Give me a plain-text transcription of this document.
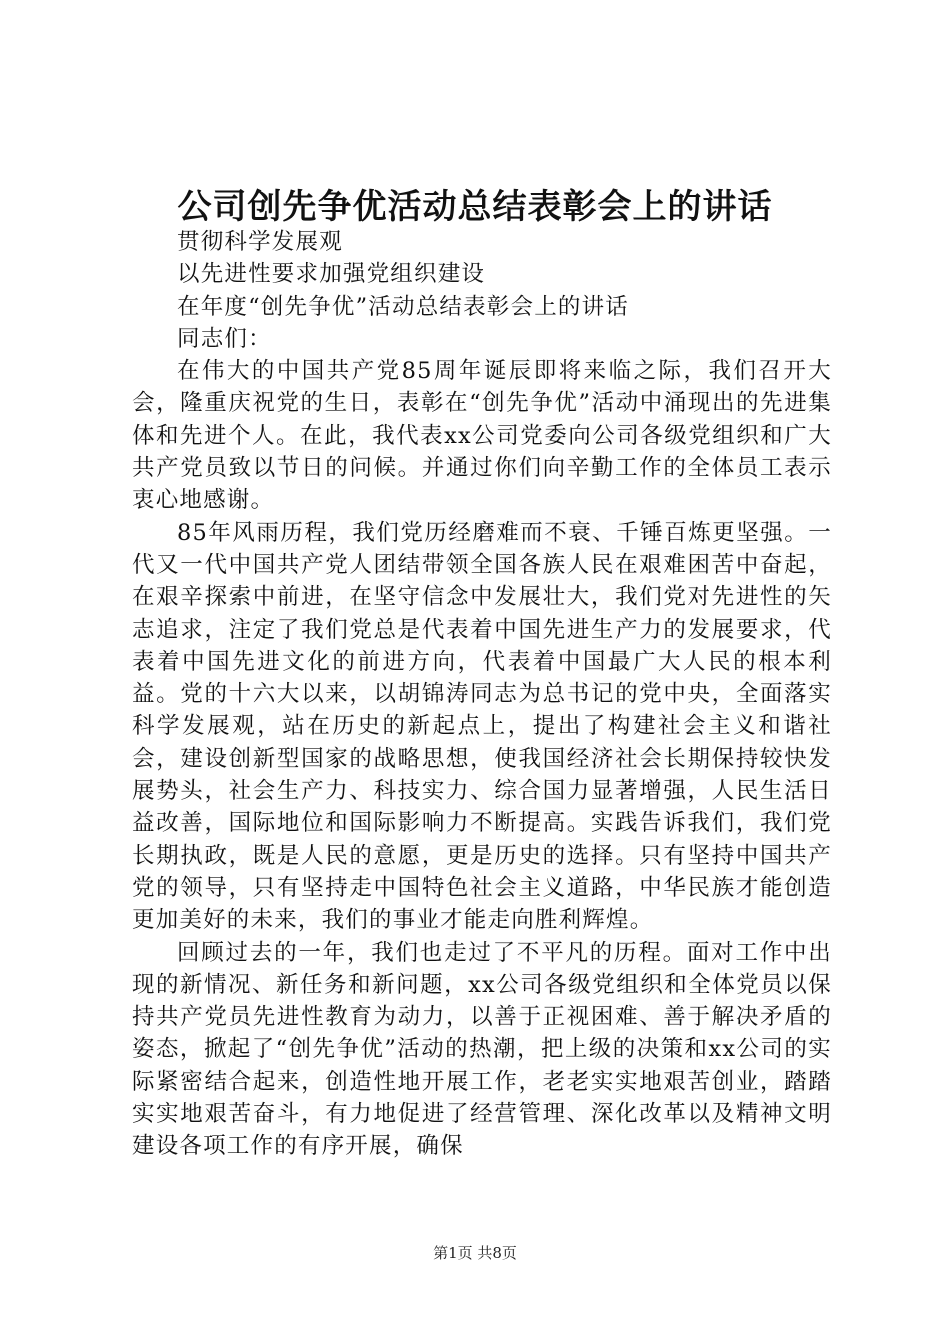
公司创先争优活动总结表彰会上的讲话

贯彻科学发展观

以先进性要求加强党组织建设

在年度“创先争优”活动总结表彰会上的讲话

同志们：

在伟大的中国共产党85周年诞辰即将来临之际，我们召开大会，隆重庆祝党的生日，表彰在“创先争优”活动中涌现出的先进集体和先进个人。在此，我代表xx公司党委向公司各级党组织和广大共产党员致以节日的问候。并通过你们向辛勤工作的全体员工表示衷心地感谢。

85年风雨历程，我们党历经磨难而不衰、千锤百炼更坚强。一代又一代中国共产党人团结带领全国各族人民在艰难困苦中奋起，在艰辛探索中前进，在坚守信念中发展壮大，我们党对先进性的矢志追求，注定了我们党总是代表着中国先进生产力的发展要求，代表着中国先进文化的前进方向，代表着中国最广大人民的根本利益。党的十六大以来，以胡锦涛同志为总书记的党中央，全面落实科学发展观，站在历史的新起点上，提出了构建社会主义和谐社会，建设创新型国家的战略思想，使我国经济社会长期保持较快发展势头，社会生产力、科技实力、综合国力显著增强，人民生活日益改善，国际地位和国际影响力不断提高。实践告诉我们，我们党长期执政，既是人民的意愿，更是历史的选择。只有坚持中国共产党的领导，只有坚持走中国特色社会主义道路，中华民族才能创造更加美好的未来，我们的事业才能走向胜利辉煌。

回顾过去的一年，我们也走过了不平凡的历程。面对工作中出现的新情况、新任务和新问题，xx公司各级党组织和全体党员以保持共产党员先进性教育为动力，以善于正视困难、善于解决矛盾的姿态，掀起了“创先争优”活动的热潮，把上级的决策和xx公司的实际紧密结合起来，创造性地开展工作，老老实实地艰苦创业，踏踏实实地艰苦奋斗，有力地促进了经营管理、深化改革以及精神文明建设各项工作的有序开展，确保

第1页 共8页
